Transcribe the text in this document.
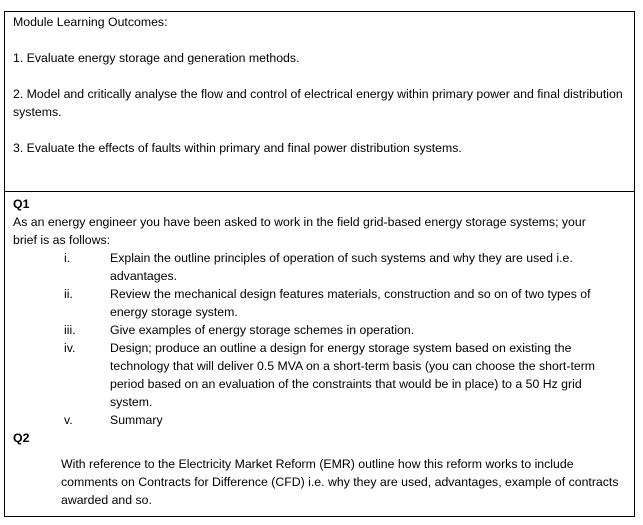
Module Learning Outcomes:

1. Evaluate energy storage and generation methods.

2. Model and critically analyse the flow and control of electrical energy within primary power and final distribution systems.

3. Evaluate the effects of faults within primary and final power distribution systems.

Q1

As an energy engineer you have been asked to work in the field grid-based energy storage systems; your brief is as follows:

i.	Explain the outline principles of operation of such systems and why they are used i.e. advantages.
ii.	Review the mechanical design features materials, construction and so on of two types of energy storage system.
iii.	Give examples of energy storage schemes in operation.
iv.	Design; produce an outline a design for energy storage system based on existing the technology that will deliver 0.5 MVA on a short-term basis (you can choose the short-term period based on an evaluation of the constraints that would be in place) to a 50 Hz grid system.
v.	Summary

Q2

With reference to the Electricity Market Reform (EMR) outline how this reform works to include comments on Contracts for Difference (CFD) i.e. why they are used, advantages, example of contracts awarded and so.
